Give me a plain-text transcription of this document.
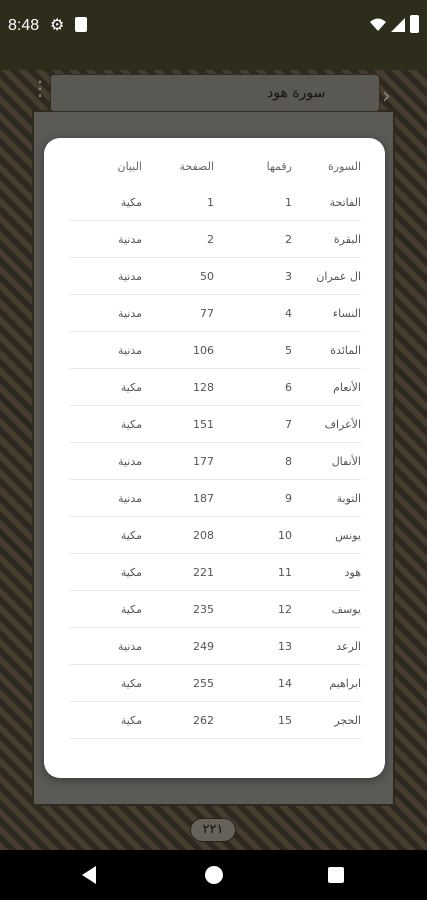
8:48 ⚙
سورة هود
⋮	›
٢٢١
السورة
رقمها
الصفحة
البيان
الفاتحة
1
1
مكية
البقرة
2
2
مدنية
ال عمران
3
50
مدنية
النساء
4
77
مدنية
المائدة
5
106
مدنية
الأنعام
6
128
مكية
الأعراف
7
151
مكية
الأنفال
8
177
مدنية
التوبة
9
187
مدنية
يونس
10
208
مكية
هود
11
221
مكية
يوسف
12
235
مكية
الرعد
13
249
مدنية
ابراهيم
14
255
مكية
الحجر
15
262
مكية
